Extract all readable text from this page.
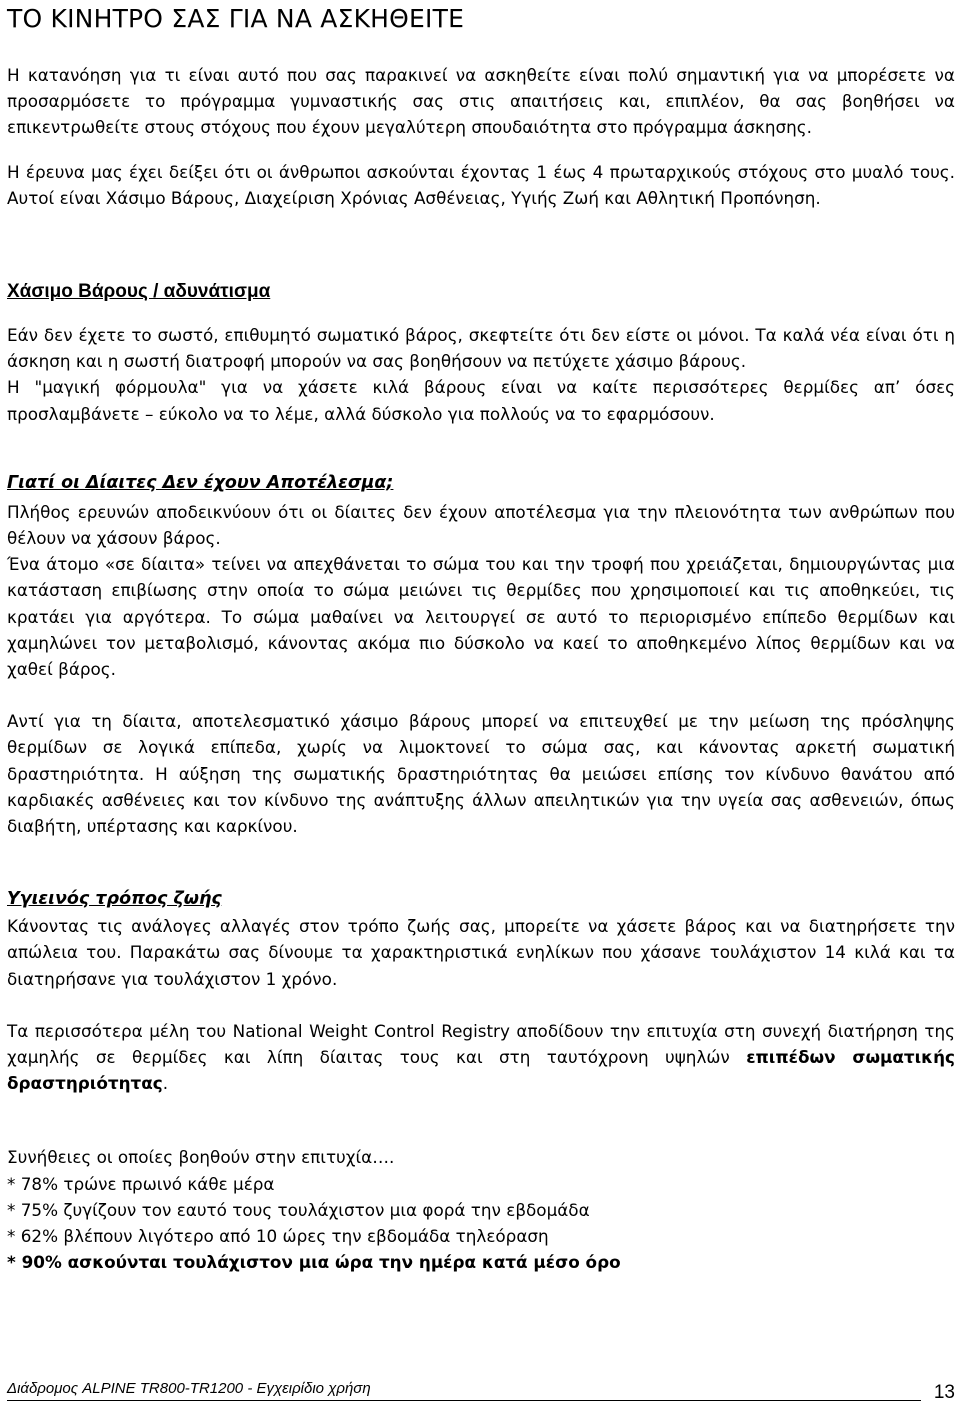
ΤΟ ΚΙΝΗΤΡΟ ΣΑΣ ΓΙΑ ΝΑ ΑΣΚΗΘΕΙΤΕ

Η κατανόηση για τι είναι αυτό που σας παρακινεί να ασκηθείτε είναι πολύ σημαντική για να μπορέσετε να προσαρμόσετε το πρόγραμμα γυμναστικής σας στις απαιτήσεις και, επιπλέον, θα σας βοηθήσει να επικεντρωθείτε στους στόχους που έχουν μεγαλύτερη σπουδαιότητα στο πρόγραμμα άσκησης.

Η έρευνα μας έχει δείξει ότι οι άνθρωποι ασκούνται έχοντας 1 έως 4 πρωταρχικούς στόχους στο μυαλό τους. Αυτοί είναι Χάσιμο Βάρους, Διαχείριση Χρόνιας Ασθένειας, Υγιής Ζωή και Αθλητική Προπόνηση.

Χάσιμο Βάρους / αδυνάτισμα

Εάν δεν έχετε το σωστό, επιθυμητό σωματικό βάρος, σκεφτείτε ότι δεν είστε οι μόνοι. Τα καλά νέα είναι ότι η άσκηση και η σωστή διατροφή μπορούν να σας βοηθήσουν να πετύχετε χάσιμο βάρους.

Η "μαγική φόρμουλα" για να χάσετε κιλά βάρους είναι να καίτε περισσότερες θερμίδες απ’ όσες προσλαμβάνετε – εύκολο να το λέμε, αλλά δύσκολο για πολλούς να το εφαρμόσουν.

Γιατί οι Δίαιτες Δεν έχουν Αποτέλεσμα;

Πλήθος ερευνών αποδεικνύουν ότι οι δίαιτες δεν έχουν αποτέλεσμα για την πλειονότητα των ανθρώπων που θέλουν να χάσουν βάρος.

Ένα άτομο «σε δίαιτα» τείνει να απεχθάνεται το σώμα του και την τροφή που χρειάζεται, δημιουργώντας μια κατάσταση επιβίωσης στην οποία το σώμα μειώνει τις θερμίδες που χρησιμοποιεί και τις αποθηκεύει, τις κρατάει για αργότερα. Το σώμα μαθαίνει να λειτουργεί σε αυτό το περιορισμένο επίπεδο θερμίδων και χαμηλώνει τον μεταβολισμό, κάνοντας ακόμα πιο δύσκολο να καεί το αποθηκεμένο λίπος θερμίδων και να χαθεί βάρος.

Αντί για τη δίαιτα, αποτελεσματικό χάσιμο βάρους μπορεί να επιτευχθεί με την μείωση της πρόσληψης θερμίδων σε λογικά επίπεδα, χωρίς να λιμοκτονεί το σώμα σας, και κάνοντας αρκετή σωματική δραστηριότητα. Η αύξηση της σωματικής δραστηριότητας θα μειώσει επίσης τον κίνδυνο θανάτου από καρδιακές ασθένειες και τον κίνδυνο της ανάπτυξης άλλων απειλητικών για την υγεία σας ασθενειών, όπως διαβήτη, υπέρτασης και καρκίνου.

Υγιεινός τρόπος ζωής

Κάνοντας τις ανάλογες αλλαγές στον τρόπο ζωής σας, μπορείτε να χάσετε βάρος και να διατηρήσετε την απώλεια του. Παρακάτω σας δίνουμε τα χαρακτηριστικά ενηλίκων που χάσανε τουλάχιστον 14 κιλά και τα διατηρήσανε για τουλάχιστον 1 χρόνο.

Τα περισσότερα μέλη του National Weight Control Registry αποδίδουν την επιτυχία στη συνεχή διατήρηση της χαμηλής σε θερμίδες και λίπη δίαιτας τους και στη ταυτόχρονη υψηλών επιπέδων σωματικής δραστηριότητας.

Συνήθειες οι οποίες βοηθούν στην επιτυχία….

* 78% τρώνε πρωινό κάθε μέρα

* 75% ζυγίζουν τον εαυτό τους τουλάχιστον μια φορά την εβδομάδα

* 62% βλέπουν λιγότερο από 10 ώρες την εβδομάδα τηλεόραση

* 90% ασκούνται τουλάχιστον μια ώρα την ημέρα κατά μέσο όρο

Διάδρομος ALPINE TR800-TR1200 - Εγχειρίδιο χρήση	13
